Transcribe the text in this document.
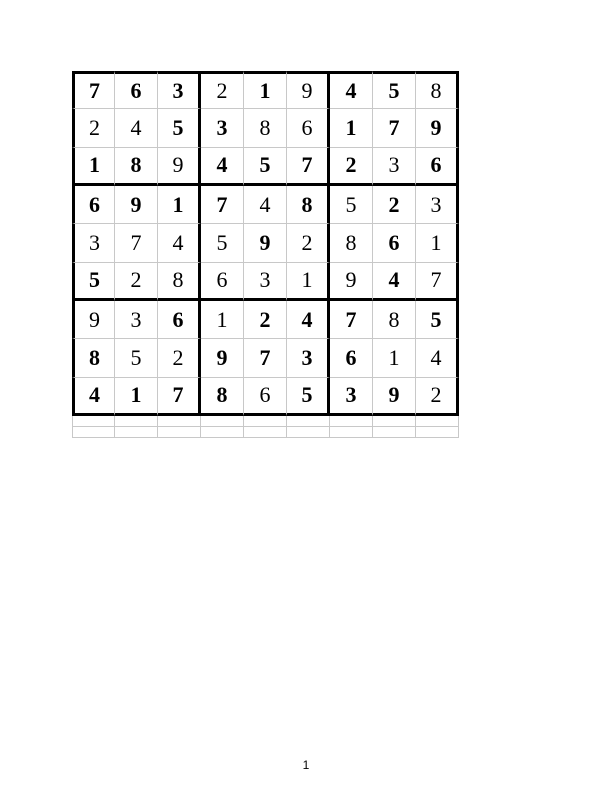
7	6	3	2	1	9	4	5	8
2	4	5	3	8	6	1	7	9
1	8	9	4	5	7	2	3	6
6	9	1	7	4	8	5	2	3
3	7	4	5	9	2	8	6	1
5	2	8	6	3	1	9	4	7
9	3	6	1	2	4	7	8	5
8	5	2	9	7	3	6	1	4
4	1	7	8	6	5	3	9	2
1
